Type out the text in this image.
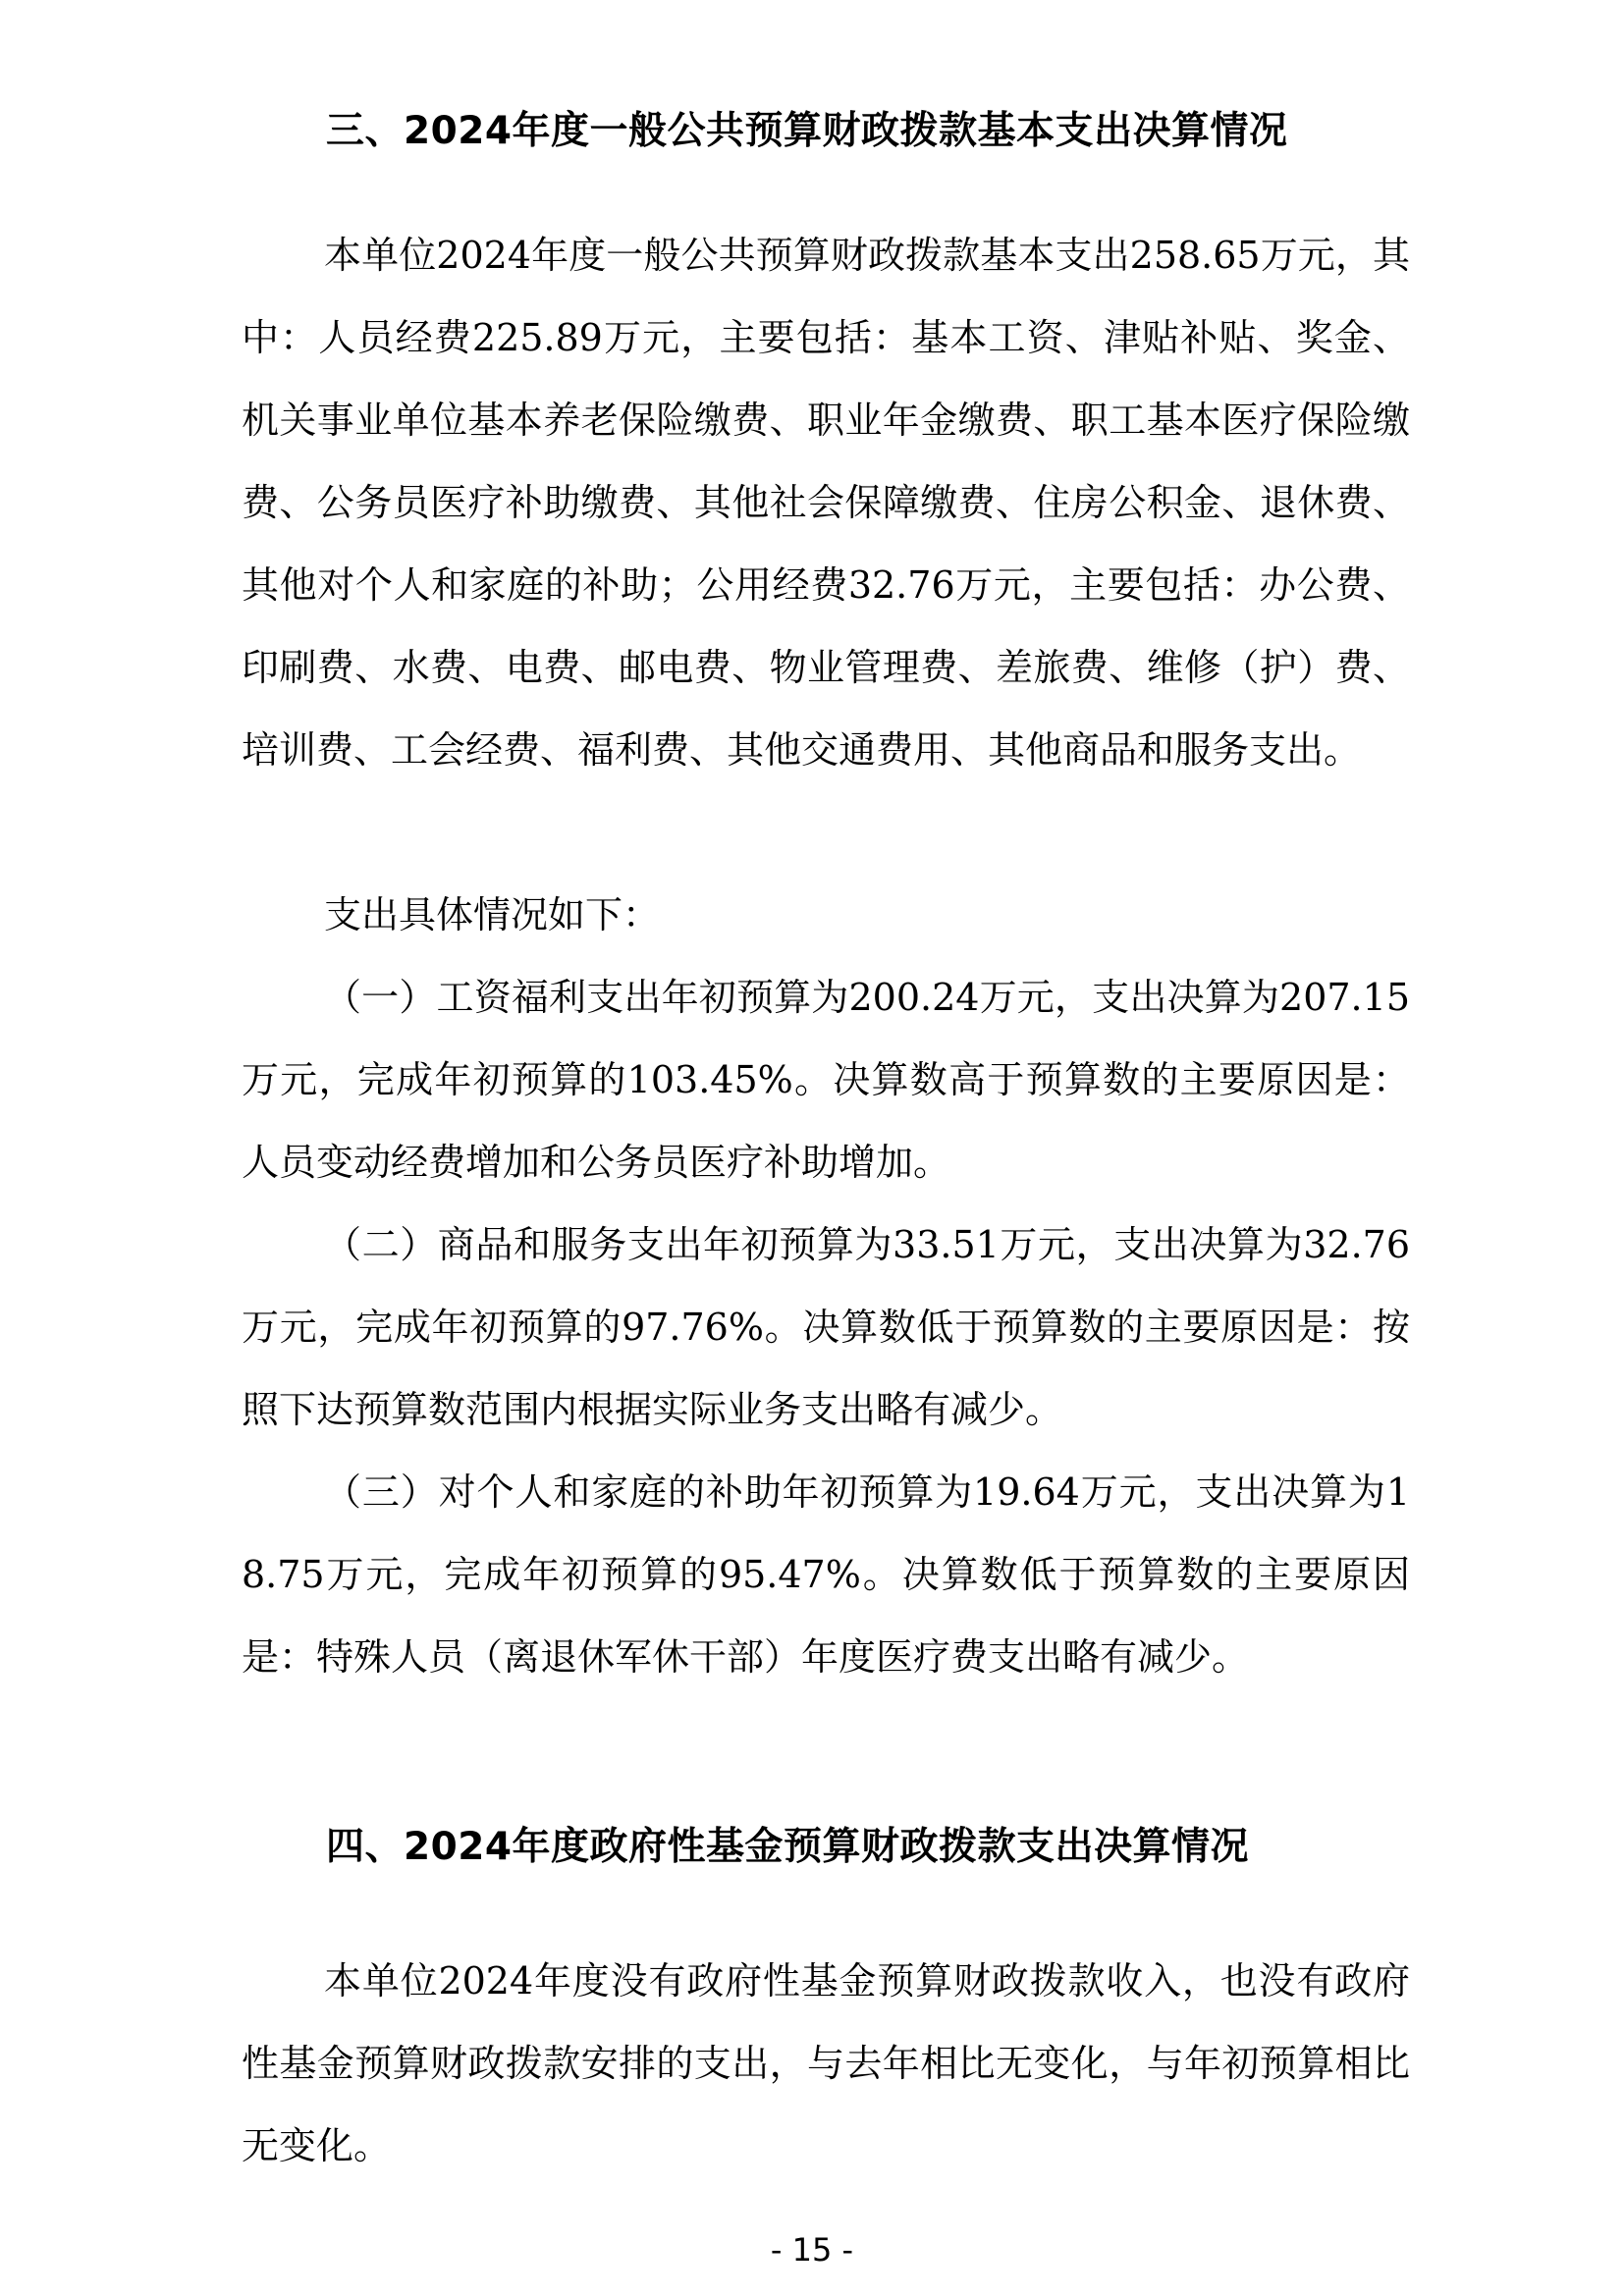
三、2024年度一般公共预算财政拨款基本支出决算情况

本单位2024年度一般公共预算财政拨款基本支出258.65万元，其中：人员经费225.89万元，主要包括：基本工资、津贴补贴、奖金、机关事业单位基本养老保险缴费、职业年金缴费、职工基本医疗保险缴费、公务员医疗补助缴费、其他社会保障缴费、住房公积金、退休费、其他对个人和家庭的补助；公用经费32.76万元，主要包括：办公费、印刷费、水费、电费、邮电费、物业管理费、差旅费、维修（护）费、培训费、工会经费、福利费、其他交通费用、其他商品和服务支出。

支出具体情况如下：

（一）工资福利支出年初预算为200.24万元，支出决算为207.15万元，完成年初预算的103.45%。决算数高于预算数的主要原因是：人员变动经费增加和公务员医疗补助增加。

（二）商品和服务支出年初预算为33.51万元，支出决算为32.76万元，完成年初预算的97.76%。决算数低于预算数的主要原因是：按照下达预算数范围内根据实际业务支出略有减少。

（三）对个人和家庭的补助年初预算为19.64万元，支出决算为18.75万元，完成年初预算的95.47%。决算数低于预算数的主要原因是：特殊人员（离退休军休干部）年度医疗费支出略有减少。

四、2024年度政府性基金预算财政拨款支出决算情况

本单位2024年度没有政府性基金预算财政拨款收入，也没有政府性基金预算财政拨款安排的支出，与去年相比无变化，与年初预算相比无变化。

- 15 -
